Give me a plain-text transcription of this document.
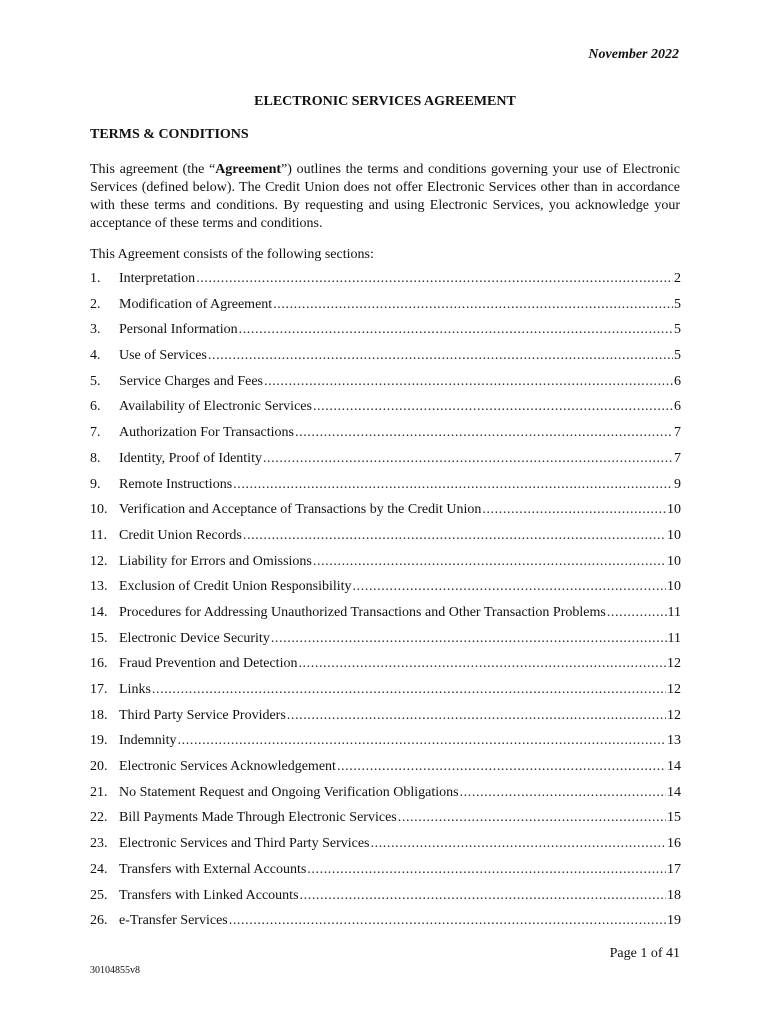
November 2022
ELECTRONIC SERVICES AGREEMENT
TERMS & CONDITIONS

This agreement (the “Agreement”) outlines the terms and conditions governing your use of Electronic Services (defined below). The Credit Union does not offer Electronic Services other than in accordance with these terms and conditions. By requesting and using Electronic Services, you acknowledge your acceptance of these terms and conditions.

This Agreement consists of the following sections:
1.	Interpretation .....	2
2.	Modification of Agreement .....	5
3.	Personal Information .....	5
4.	Use of Services .....	5
5.	Service Charges and Fees .....	6
6.	Availability of Electronic Services .....	6
7.	Authorization For Transactions .....	7
8.	Identity, Proof of Identity .....	7
9.	Remote Instructions .....	9
10. Verification and Acceptance of Transactions by the Credit Union .....	10
11. Credit Union Records .....	10
12. Liability for Errors and Omissions .....	10
13. Exclusion of Credit Union Responsibility .....	10
14. Procedures for Addressing Unauthorized Transactions and Other Transaction Problems .....	11
15. Electronic Device Security .....	11
16. Fraud Prevention and Detection .....	12
17. Links .....	12
18. Third Party Service Providers .....	12
19. Indemnity .....	13
20. Electronic Services Acknowledgement .....	14
21. No Statement Request and Ongoing Verification Obligations .....	14
22. Bill Payments Made Through Electronic Services .....	15
23. Electronic Services and Third Party Services .....	16
24. Transfers with External Accounts .....	17
25. Transfers with Linked Accounts .....	18
26. e-Transfer Services .....	19
Page 1 of 41
30104855v8
